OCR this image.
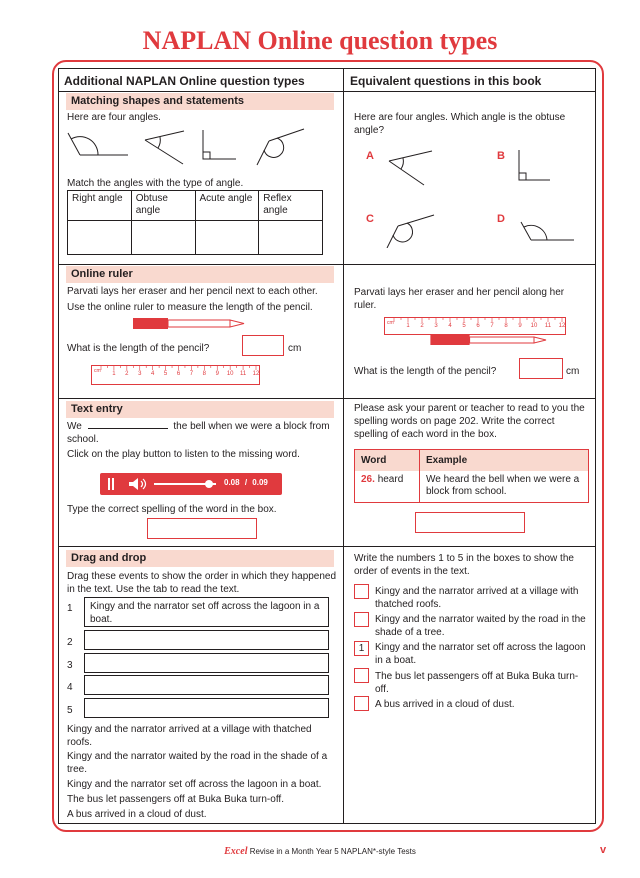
NAPLAN Online question types
Additional NAPLAN Online question types	Equivalent questions in this book
Matching shapes and statements
Here are four angles.
Match the angles with the type of angle.
Right angle	Obtuse angle	Acute angle	Reflex angle

Here are four angles. Which angle is the obtuse angle?
A	B
C	D
Online ruler
Parvati lays her eraser and her pencil next to each other.
Use the online ruler to measure the length of the pencil.
What is the length of the pencil?	cm
cm 1 2 3 4 5 6 7 8 9 10 11 12
Parvati lays her eraser and her pencil along her ruler.
cm 1 2 3 4 5 6 7 8 9 10 11 12
What is the length of the pencil?	cm
Text entry
We	the bell when we were a block from school.
Click on the play button to listen to the missing word.
0.08 / 0.09
Type the correct spelling of the word in the box.
Please ask your parent or teacher to read to you the spelling words on page 202. Write the correct spelling of each word in the box.
Word	Example
26. heard	We heard the bell when we were a block from school.
Drag and drop
Drag these events to show the order in which they happened in the text. Use the tab to read the text.
1 Kingy and the narrator set off across the lagoon in a boat.
2
3
4
5
Kingy and the narrator arrived at a village with thatched roofs.
Kingy and the narrator waited by the road in the shade of a tree.
Kingy and the narrator set off across the lagoon in a boat.
The bus let passengers off at Buka Buka turn-off.
A bus arrived in a cloud of dust.
Write the numbers 1 to 5 in the boxes to show the order of events in the text.
Kingy and the narrator arrived at a village with thatched roofs.
Kingy and the narrator waited by the road in the shade of a tree.
1	Kingy and the narrator set off across the lagoon in a boat.
The bus let passengers off at Buka Buka turn-off.
A bus arrived in a cloud of dust.
Excel Revise in a Month Year 5 NAPLAN*-style Tests	v
